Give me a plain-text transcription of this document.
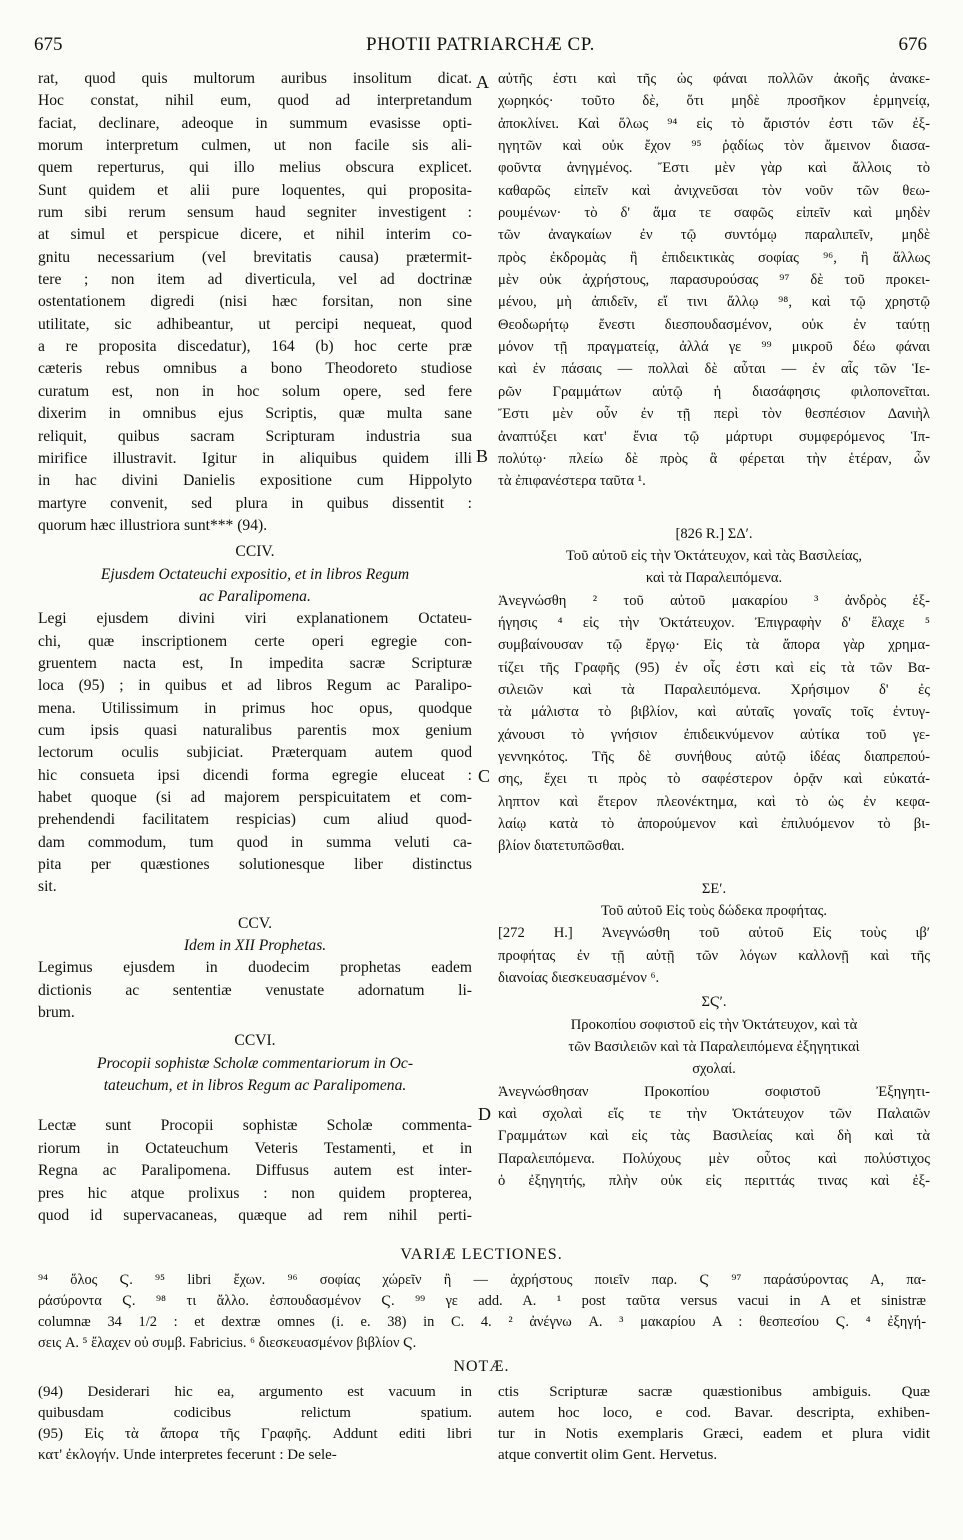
675	PHOTII PATRIARCHÆ CP.	676
rat, quod quis multorum auribus insolitum dicat.
Hoc constat, nihil eum, quod ad interpretandum
faciat, declinare, adeoque in summum evasisse opti-
morum interpretum culmen, ut non facile sis ali-
quem reperturus, qui illo melius obscura explicet.
Sunt quidem et alii pure loquentes, qui proposita-
rum sibi rerum sensum haud segniter investigent :
at simul et perspicue dicere, et nihil interim co-
gnitu necessarium (vel brevitatis causa) prætermit-
tere ; non item ad diverticula, vel ad doctrinæ
ostentationem digredi (nisi hæc forsitan, non sine
utilitate, sic adhibeantur, ut percipi nequeat, quod
a re proposita discedatur), 164 (b) hoc certe præ
cæteris rebus omnibus a bono Theodoreto studiose
curatum est, non in hoc solum opere, sed fere
dixerim in omnibus ejus Scriptis, quæ multa sane
reliquit, quibus sacram Scripturam industria sua
mirifice illustravit. Igitur in aliquibus quidem illi
in hac divini Danielis expositione cum Hippolyto
martyre convenit, sed plura in quibus dissentit :
quorum hæc illustriora sunt*** (94).
CCIV.
Ejusdem Octateuchi expositio, et in libros Regum
ac Paralipomena.
Legi ejusdem divini viri explanationem Octateu-
chi, quæ inscriptionem certe operi egregie con-
gruentem nacta est, In impedita sacræ Scripturæ
loca (95) ; in quibus et ad libros Regum ac Paralipo-
mena. Utilissimum in primus hoc opus, quodque
cum ipsis quasi naturalibus parentis mox genium
lectorum oculis subjiciat. Præterquam autem quod
hic consueta ipsi dicendi forma egregie eluceat :
habet quoque (si ad majorem perspicuitatem et com-
prehendendi facilitatem respicias) cum aliud quod-
dam commodum, tum quod in summa veluti ca-
pita per quæstiones solutionesque liber distinctus
sit.
CCV.
Idem in XII Prophetas.
Legimus ejusdem in duodecim prophetas eadem
dictionis ac sententiæ venustate adornatum li-
brum.
CCVI.
Procopii sophistæ Scholæ commentariorum in Oc-
tateuchum, et in libros Regum ac Paralipomena.
Lectæ sunt Procopii sophistæ Scholæ commenta-
riorum in Octateuchum Veteris Testamenti, et in
Regna ac Paralipomena. Diffusus autem est inter-
pres hic atque prolixus : non quidem propterea,
quod id supervacaneas, quæque ad rem nihil perti-
A
B
C
D
αὐτῆς ἐστι καὶ τῆς ὡς φάναι πολλῶν ἀκοῆς ἀνακε-
χωρηκός· τοῦτο δὲ, ὅτι μηδὲ προσῆκον ἑρμηνείᾳ,
ἀποκλίνει. Καὶ ὅλως ⁹⁴ εἰς τὸ ἄριστόν ἐστι τῶν ἐξ-
ηγητῶν καὶ οὐκ ἔχον ⁹⁵ ῥᾳδίως τὸν ἄμεινον διασα-
φοῦντα ἀνηγμένος. Ἔστι μὲν γὰρ καὶ ἄλλοις τὸ
καθαρῶς εἰπεῖν καὶ ἀνιχνεῦσαι τὸν νοῦν τῶν θεω-
ρουμένων· τὸ δ' ἅμα τε σαφῶς εἰπεῖν καὶ μηδὲν
τῶν ἀναγκαίων ἐν τῷ συντόμῳ παραλιπεῖν, μηδὲ
πρὸς ἐκδρομὰς ἢ ἐπιδεικτικὰς σοφίας ⁹⁶, ἢ ἄλλως
μὲν οὐκ ἀχρήστους, παρασυρούσας ⁹⁷ δὲ τοῦ προκει-
μένου, μὴ ἀπιδεῖν, εἴ τινι ἄλλῳ ⁹⁸, καὶ τῷ χρηστῷ
Θεοδωρήτῳ ἔνεστι διεσπουδασμένον, οὐκ ἐν ταύτῃ
μόνον τῇ πραγματείᾳ, ἀλλά γε ⁹⁹ μικροῦ δέω φάναι
καὶ ἐν πάσαις — πολλαὶ δὲ αὗται — ἐν αἷς τῶν Ἱε-
ρῶν Γραμμάτων αὐτῷ ἡ διασάφησις φιλοπονεῖται.
Ἔστι μὲν οὖν ἐν τῇ περὶ τὸν θεσπέσιον Δανιὴλ
ἀναπτύξει κατ' ἔνια τῷ μάρτυρι συμφερόμενος Ἱπ-
πολύτῳ· πλείω δὲ πρὸς ἃ φέρεται τὴν ἑτέραν, ὧν
τὰ ἐπιφανέστερα ταῦτα ¹.
[826 R.] ΣΔʹ.
Τοῦ αὐτοῦ εἰς τὴν Ὀκτάτευχον, καὶ τὰς Βασιλείας,
καὶ τὰ Παραλειπόμενα.
Ἀνεγνώσθη ² τοῦ αὐτοῦ μακαρίου ³ ἀνδρὸς ἐξ-
ήγησις ⁴ εἰς τὴν Ὀκτάτευχον. Ἐπιγραφὴν δ' ἔλαχε ⁵
συμβαίνουσαν τῷ ἔργῳ· Εἰς τὰ ἄπορα γὰρ χρημα-
τίζει τῆς Γραφῆς (95) ἐν οἷς ἐστι καὶ εἰς τὰ τῶν Βα-
σιλειῶν καὶ τὰ Παραλειπόμενα. Χρήσιμον δ' ἐς
τὰ μάλιστα τὸ βιβλίον, καὶ αὐταῖς γοναῖς τοῖς ἐντυγ-
χάνουσι τὸ γνήσιον ἐπιδεικνύμενον αὐτίκα τοῦ γε-
γεννηκότος. Τῆς δὲ συνήθους αὐτῷ ἰδέας διαπρεπού-
σης, ἔχει τι πρὸς τὸ σαφέστερον ὁρᾷν καὶ εὐκατά-
ληπτον καὶ ἕτερον πλεονέκτημα, καὶ τὸ ὡς ἐν κεφα-
λαίῳ κατὰ τὸ ἀπορούμενον καὶ ἐπιλυόμενον τὸ βι-
βλίον διατετυπῶσθαι.
ΣΕʹ.
Τοῦ αὐτοῦ Εἰς τοὺς δώδεκα προφήτας.
[272 H.] Ἀνεγνώσθη τοῦ αὐτοῦ Εἰς τοὺς ιβʹ
προφήτας ἐν τῇ αὐτῇ τῶν λόγων καλλονῇ καὶ τῆς
διανοίας διεσκευασμένον ⁶.
ΣϚʹ.
Προκοπίου σοφιστοῦ εἰς τὴν Ὀκτάτευχον, καὶ τὰ
τῶν Βασιλειῶν καὶ τὰ Παραλειπόμενα ἐξηγητικαὶ
σχολαί.
Ἀνεγνώσθησαν Προκοπίου σοφιστοῦ Ἐξηγητι-
καὶ σχολαὶ εἴς τε τὴν Ὀκτάτευχον τῶν Παλαιῶν
Γραμμάτων καὶ εἰς τὰς Βασιλείας καὶ δὴ καὶ τὰ
Παραλειπόμενα. Πολύχους μὲν οὗτος καὶ πολύστιχος
ὁ ἐξηγητής, πλὴν οὐκ εἰς περιττάς τινας καὶ ἐξ-
VARIÆ LECTIONES.
⁹⁴ ὅλος Ϛ. ⁹⁵ libri ἔχων. ⁹⁶ σοφίας χώρεῖν ἢ — ἀχρήστους ποιεῖν παρ. Ϛ ⁹⁷ παράσύροντας A, πα-
ράσύροντα Ϛ. ⁹⁸ τι ἄλλο. ἐσπουδασμένον Ϛ. ⁹⁹ γε add. A. ¹ post ταῦτα versus vacui in A et sinistræ
columnæ 34 1/2 : et dextræ omnes (i. e. 38) in C. 4. ² ἀνέγνω A. ³ μακαρίου A : θεσπεσίου Ϛ. ⁴ ἐξηγή-
σεις A. ⁵ ἔλαχεν οὐ συμβ. Fabricius. ⁶ διεσκευασμένον βιβλίον Ϛ.
NOTÆ.
(94) Desiderari hic ea, argumento est vacuum in
quibusdam codicibus relictum spatium.
(95) Εἰς τὰ ἄπορα τῆς Γραφῆς. Addunt editi libri
κατ' ἐκλογήν. Unde interpretes fecerunt : De sele-
ctis Scripturæ sacræ quæstionibus ambiguis. Quæ
autem hoc loco, e cod. Bavar. descripta, exhiben-
tur in Notis exemplaris Græci, eadem et plura vidit
atque convertit olim Gent. Hervetus.
